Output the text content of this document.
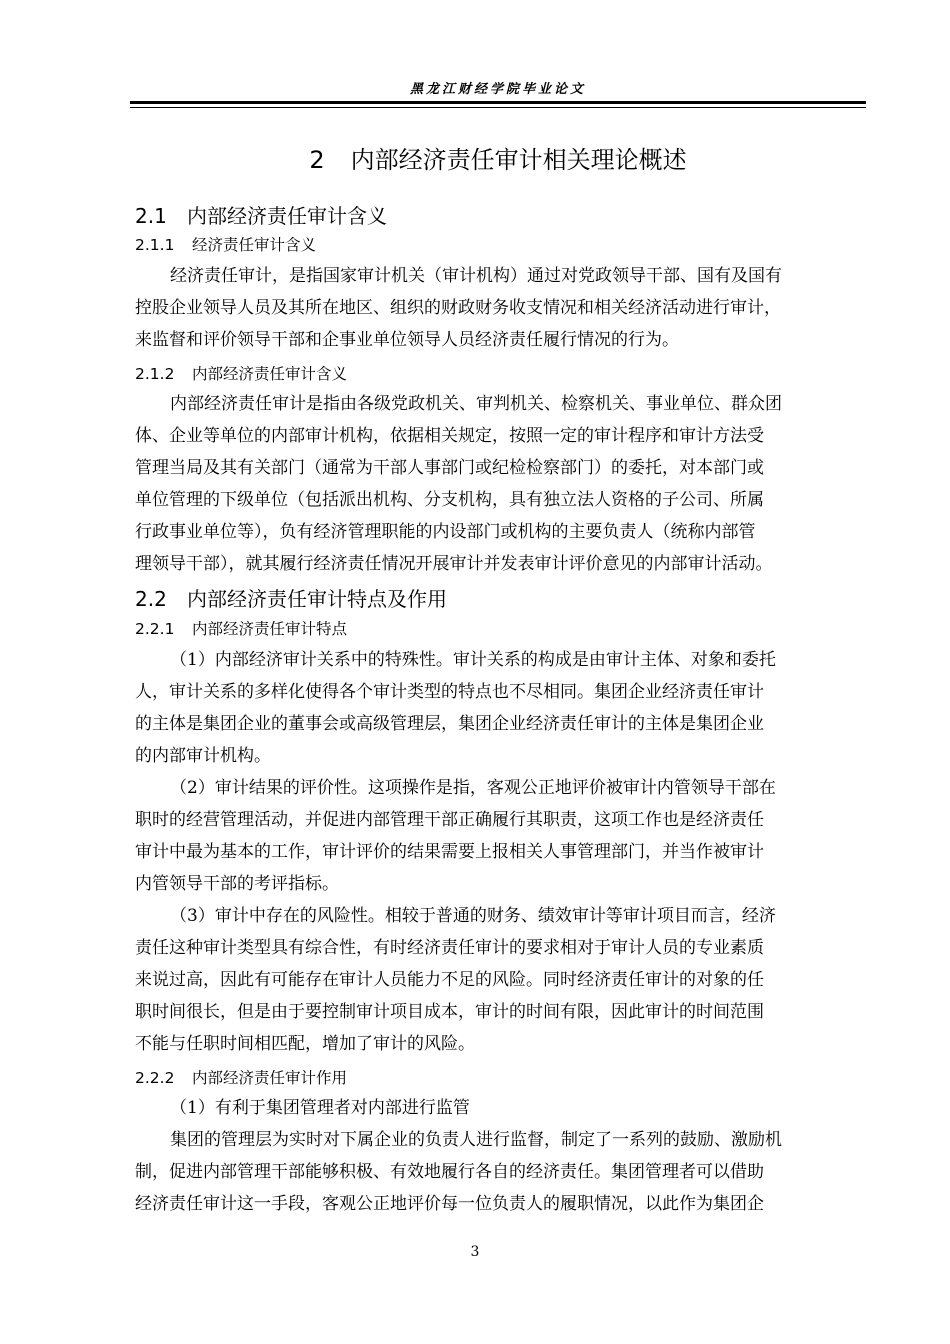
黑龙江财经学院毕业论文
2 内部经济责任审计相关理论概述
2.1 内部经济责任审计含义
2.1.1 经济责任审计含义
经济责任审计，是指国家审计机关（审计机构）通过对党政领导干部、国有及国有
控股企业领导人员及其所在地区、组织的财政财务收支情况和相关经济活动进行审计，
来监督和评价领导干部和企事业单位领导人员经济责任履行情况的行为。
2.1.2 内部经济责任审计含义
内部经济责任审计是指由各级党政机关、审判机关、检察机关、事业单位、群众团
体、企业等单位的内部审计机构，依据相关规定，按照一定的审计程序和审计方法受
管理当局及其有关部门（通常为干部人事部门或纪检检察部门）的委托，对本部门或
单位管理的下级单位（包括派出机构、分支机构，具有独立法人资格的子公司、所属
行政事业单位等），负有经济管理职能的内设部门或机构的主要负责人（统称内部管
理领导干部），就其履行经济责任情况开展审计并发表审计评价意见的内部审计活动。
2.2 内部经济责任审计特点及作用
2.2.1 内部经济责任审计特点
（1）内部经济审计关系中的特殊性。审计关系的构成是由审计主体、对象和委托
人，审计关系的多样化使得各个审计类型的特点也不尽相同。集团企业经济责任审计
的主体是集团企业的董事会或高级管理层，集团企业经济责任审计的主体是集团企业
的内部审计机构。
（2）审计结果的评价性。这项操作是指，客观公正地评价被审计内管领导干部在
职时的经营管理活动，并促进内部管理干部正确履行其职责，这项工作也是经济责任
审计中最为基本的工作，审计评价的结果需要上报相关人事管理部门，并当作被审计
内管领导干部的考评指标。
（3）审计中存在的风险性。相较于普通的财务、绩效审计等审计项目而言，经济
责任这种审计类型具有综合性，有时经济责任审计的要求相对于审计人员的专业素质
来说过高，因此有可能存在审计人员能力不足的风险。同时经济责任审计的对象的任
职时间很长，但是由于要控制审计项目成本，审计的时间有限，因此审计的时间范围
不能与任职时间相匹配，增加了审计的风险。
2.2.2 内部经济责任审计作用
（1）有利于集团管理者对内部进行监管
集团的管理层为实时对下属企业的负责人进行监督，制定了一系列的鼓励、激励机
制，促进内部管理干部能够积极、有效地履行各自的经济责任。集团管理者可以借助
经济责任审计这一手段，客观公正地评价每一位负责人的履职情况，以此作为集团企
3
